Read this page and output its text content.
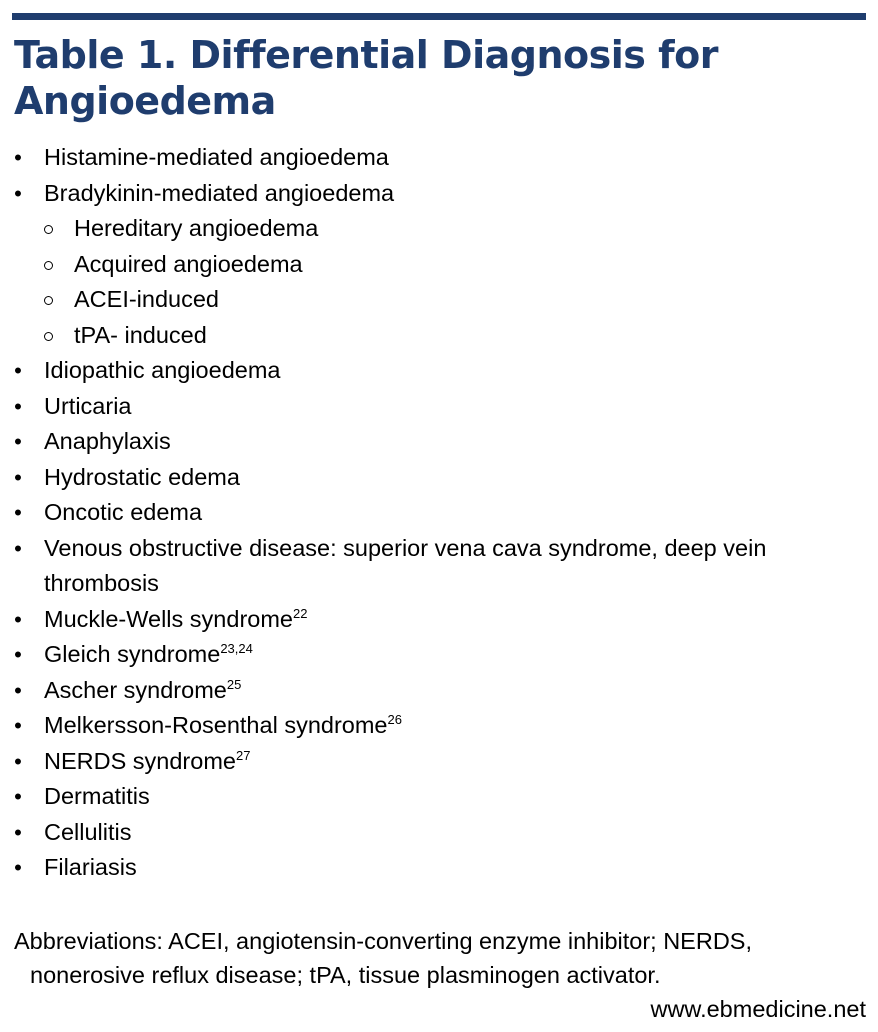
Table 1. Differential Diagnosis for
Angioedema
• Histamine-mediated angioedema
• Bradykinin-mediated angioedema
Hereditary angioedema
Acquired angioedema
ACEI-induced
tPA- induced
• Idiopathic angioedema
• Urticaria
• Anaphylaxis
• Hydrostatic edema
• Oncotic edema
• Venous obstructive disease: superior vena cava syndrome, deep vein
thrombosis
• Muckle-Wells syndrome$^{22}$
• Gleich syndrome$^{23,24}$
• Ascher syndrome$^{25}$
• Melkersson-Rosenthal syndrome$^{26}$
• NERDS syndrome$^{27}$
• Dermatitis
• Cellulitis
• Filariasis

Abbreviations: ACEI, angiotensin-converting enzyme inhibitor; NERDS,
nonerosive reflux disease; tPA, tissue plasminogen activator.

www.ebmedicine.net
